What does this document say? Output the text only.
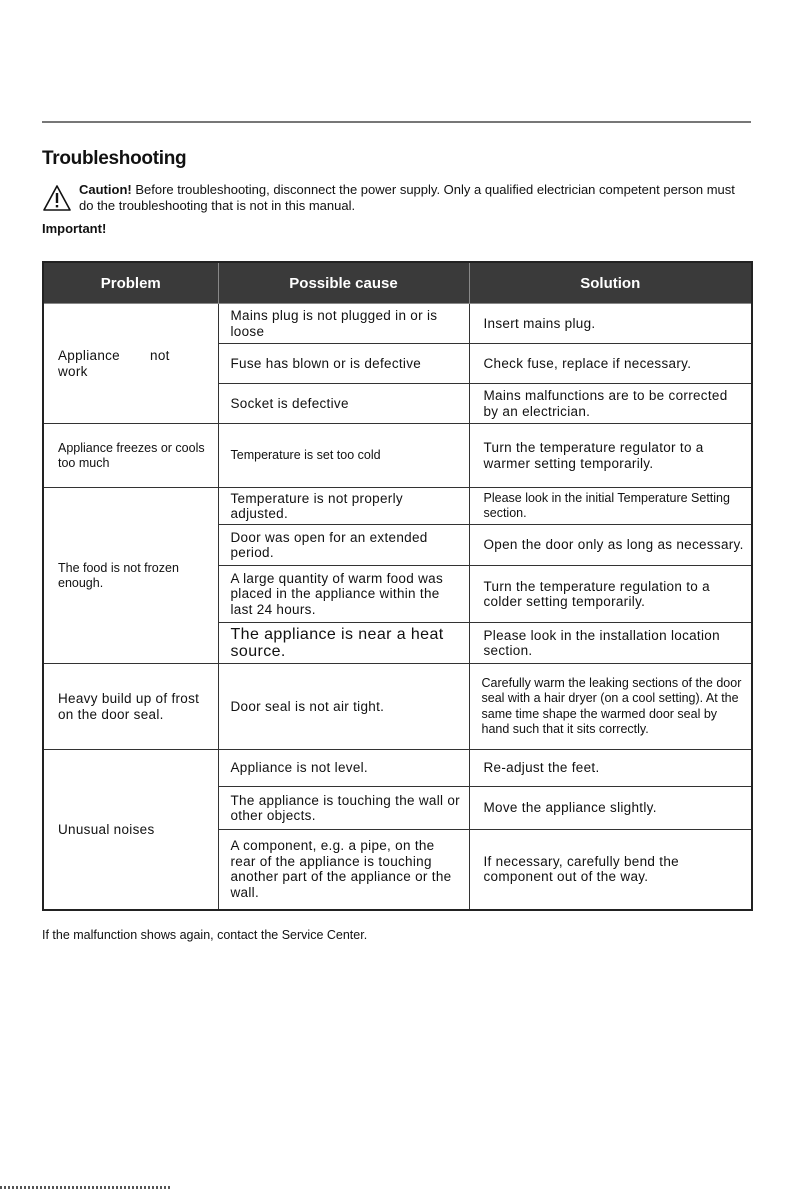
Troubleshooting
Caution! Before troubleshooting, disconnect the power supply. Only a qualified electrician competent person must do the troubleshooting that is not in this manual.
Important!
Problem	Possible cause	Solution
Appliance not work	Mains plug is not plugged in or is loose	Insert mains plug.
	Fuse has blown or is defective	Check fuse, replace if necessary.
	Socket is defective	Mains malfunctions are to be corrected by an electrician.
Appliance freezes or cools too much	Temperature is set too cold	Turn the temperature regulator to a warmer setting temporarily.
The food is not frozen enough.	Temperature is not properly adjusted.	Please look in the initial Temperature Setting section.
	Door was open for an extended period.	Open the door only as long as necessary.
	A large quantity of warm food was placed in the appliance within the last 24 hours.	Turn the temperature regulation to a colder setting temporarily.
	The appliance is near a heat source.	Please look in the installation location section.
Heavy build up of frost on the door seal.	Door seal is not air tight.	Carefully warm the leaking sections of the door seal with a hair dryer (on a cool setting). At the same time shape the warmed door seal by hand such that it sits correctly.
Unusual noises	Appliance is not level.	Re-adjust the feet.
	The appliance is touching the wall or other objects.	Move the appliance slightly.
	A component, e.g. a pipe, on the rear of the appliance is touching another part of the appliance or the wall.	If necessary, carefully bend the component out of the way.
If the malfunction shows again, contact the Service Center.
